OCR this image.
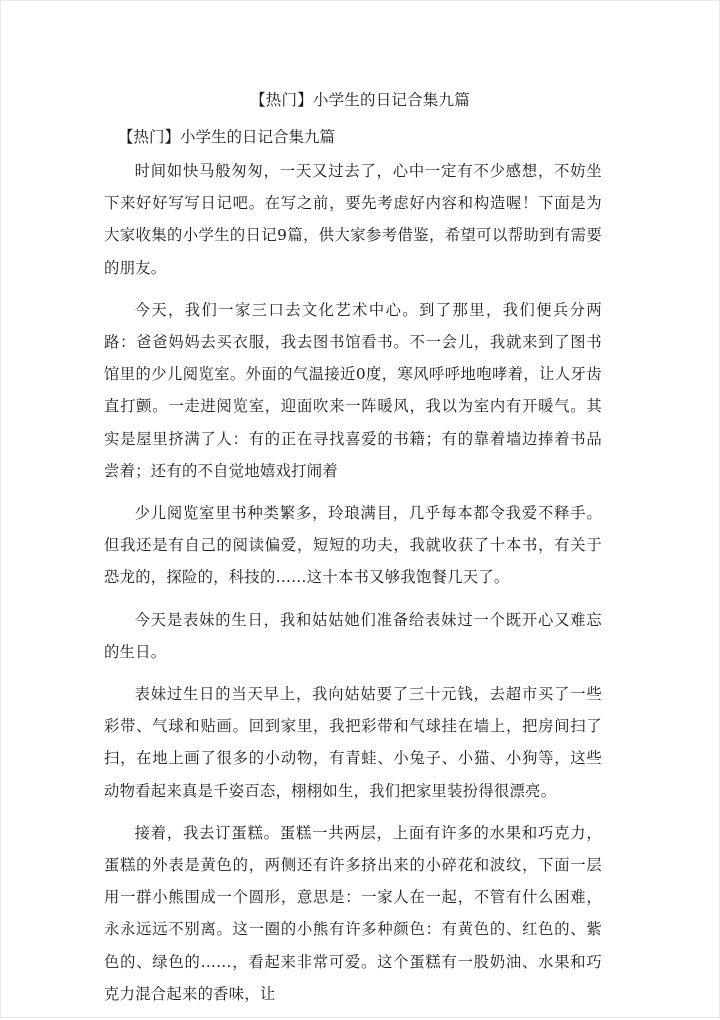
【热门】小学生的日记合集九篇
【热门】小学生的日记合集九篇

时间如快马般匆匆，一天又过去了，心中一定有不少感想，不妨坐下来好好写写日记吧。在写之前，要先考虑好内容和构造喔！下面是为大家收集的小学生的日记9篇，供大家参考借鉴，希望可以帮助到有需要的朋友。

今天，我们一家三口去文化艺术中心。到了那里，我们便兵分两路：爸爸妈妈去买衣服，我去图书馆看书。不一会儿，我就来到了图书馆里的少儿阅览室。外面的气温接近0度，寒风呼呼地咆哮着，让人牙齿直打颤。一走进阅览室，迎面吹来一阵暖风，我以为室内有开暖气。其实是屋里挤满了人：有的正在寻找喜爱的书籍；有的靠着墙边捧着书品尝着；还有的不自觉地嬉戏打闹着

少儿阅览室里书种类繁多，玲琅满目，几乎每本都令我爱不释手。但我还是有自己的阅读偏爱，短短的功夫，我就收获了十本书，有关于恐龙的，探险的，科技的……这十本书又够我饱餐几天了。

今天是表妹的生日，我和姑姑她们准备给表妹过一个既开心又难忘的生日。

表妹过生日的当天早上，我向姑姑要了三十元钱，去超市买了一些彩带、气球和贴画。回到家里，我把彩带和气球挂在墙上，把房间扫了扫，在地上画了很多的小动物，有青蛙、小兔子、小猫、小狗等，这些动物看起来真是千姿百态，栩栩如生，我们把家里装扮得很漂亮。

接着，我去订蛋糕。蛋糕一共两层，上面有许多的水果和巧克力，蛋糕的外表是黄色的，两侧还有许多挤出来的小碎花和波纹，下面一层用一群小熊围成一个圆形，意思是：一家人在一起，不管有什么困难，永永远远不别离。这一圈的小熊有许多种颜色：有黄色的、红色的、紫色的、绿色的……，看起来非常可爱。这个蛋糕有一股奶油、水果和巧克力混合起来的香味，让
